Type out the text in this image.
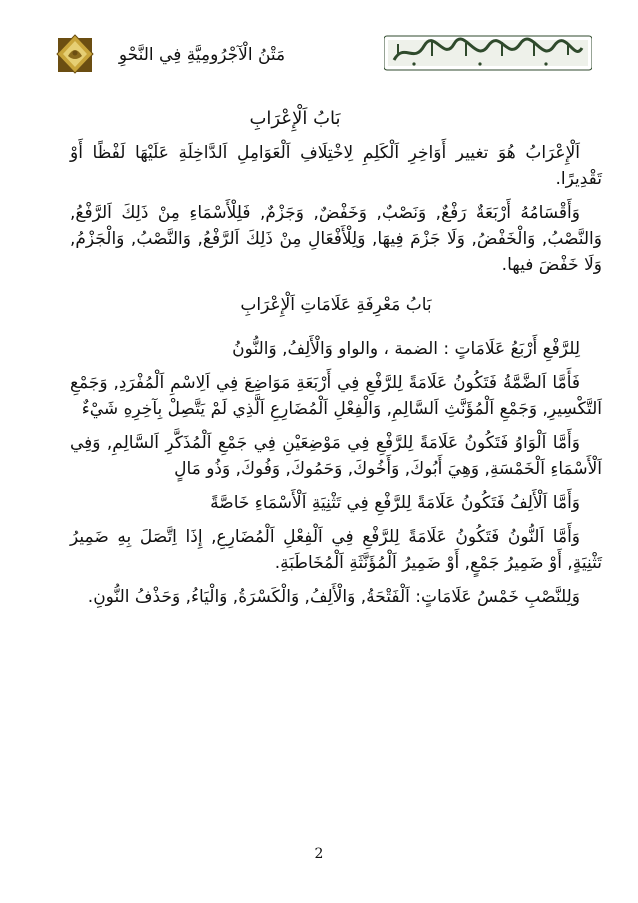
مَتْنُ الْآجْرُومِيَّةِ فِي النَّحْوِ
بَابُ اَلْإِعْرَابِ

اَلْإِعْرَابُ هُوَ تغيير أَوَاخِرِ اَلْكَلِمِ لِاخْتِلَافِ اَلْعَوَامِلِ اَلدَّاخِلَةِ عَلَيْهَا لَفْظًا أَوْ تَقْدِيرًا.

وَأَقْسَامُهُ أَرْبَعَةٌ رَفْعٌ, وَنَصْبٌ, وَخَفْضٌ, وَجَزْمٌ, فَلِلْأَسْمَاءِ مِنْ ذَلِكَ اَلرَّفْعُ, وَالنَّصْبُ, وَالْخَفْضُ, وَلَا جَزْمَ فِيهَا, وَلِلْأَفْعَالِ مِنْ ذَلِكَ اَلرَّفْعُ, وَالنَّصْبُ, وَالْجَزْمُ, وَلَا خَفْضَ فيها.

بَابُ مَعْرِفَةِ عَلَامَاتِ اَلْإِعْرَابِ

لِلرَّفْعِ أَرْبَعُ عَلَامَاتٍ : الضمة ، والواو وَالْأَلِفُ, وَالنُّونُ

فَأَمَّا اَلضَّمَّةُ فَتَكُونُ عَلَامَةً لِلرَّفْعِ فِي أَرْبَعَةِ مَوَاضِعَ فِي اَلِاسْمِ اَلْمُفْرَدِ, وَجَمْعِ اَلتَّكْسِيرِ, وَجَمْعِ اَلْمُؤَنَّثِ اَلسَّالِمِ, وَالْفِعْلِ اَلْمُضَارِعِ اَلَّذِي لَمْ يَتَّصِلْ بِآخِرِهِ شَيْءٌ

وَأَمَّا اَلْوَاوُ فَتَكُونُ عَلَامَةً لِلرَّفْعِ فِي مَوْضِعَيْنِ فِي جَمْعِ اَلْمُذَكَّرِ اَلسَّالِمِ, وَفِي اَلْأَسْمَاءِ اَلْخَمْسَةِ, وَهِيَ أَبُوكَ, وَأَخُوكَ, وَحَمُوكَ, وَفُوكَ, وَذُو مَالٍ

وَأَمَّا اَلْأَلِفُ فَتَكُونُ عَلَامَةً لِلرَّفْعِ فِي تَثْنِيَةِ اَلْأَسْمَاءِ خَاصَّةً

وَأَمَّا اَلنُّونُ فَتَكُونُ عَلَامَةً لِلرَّفْعِ فِي اَلْفِعْلِ اَلْمُضَارِعِ, إِذَا اِتَّصَلَ بِهِ ضَمِيرُ تَثْنِيَةٍ, أَوْ ضَمِيرُ جَمْعٍ, أَوْ ضَمِيرُ اَلْمُؤَنَّثَةِ اَلْمُخَاطَبَةِ.

وَلِلنَّصْبِ خَمْسُ عَلَامَاتٍ: اَلْفَتْحَةُ, وَالْأَلِفُ, وَالْكَسْرَةُ, وَالْيَاءُ, وَحَذْفُ النُّونِ.

2
